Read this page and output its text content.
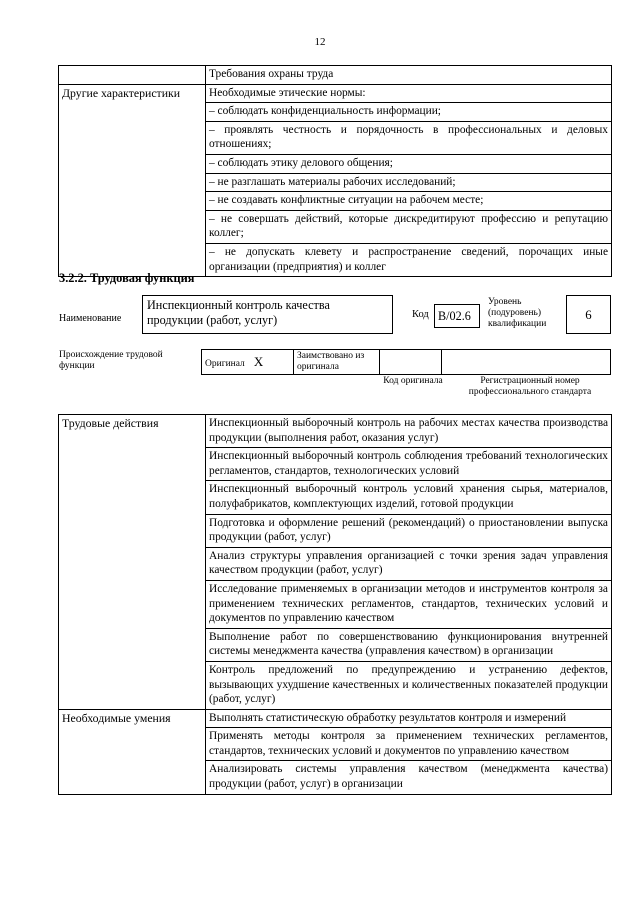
12
	Требования охраны труда
Другие характеристики	Необходимые этические нормы:
	– соблюдать конфиденциальность информации;
	– проявлять честность и порядочность в профессиональных и деловых отношениях;
	– соблюдать этику делового общения;
	– не разглашать материалы рабочих исследований;
	– не создавать конфликтные ситуации на рабочем месте;
	– не совершать действий, которые дискредитируют профессию и репутацию коллег;
	– не допускать клевету и распространение сведений, порочащих иные организации (предприятия) и коллег
3.2.2. Трудовая функция
Наименование
Инспекционный контроль качества продукции (работ, услуг)	Код B/02.6
Уровень (подуровень) квалификации
6
Происхождение трудовой функции	Оригинал X	Заимствовано из оригинала		
Код оригинала	Регистрационный номер профессионального стандарта
Трудовые действия	Инспекционный выборочный контроль на рабочих местах качества производства продукции (выполнения работ, оказания услуг)
	Инспекционный выборочный контроль соблюдения требований технологических регламентов, стандартов, технологических условий
	Инспекционный выборочный контроль условий хранения сырья, материалов, полуфабрикатов, комплектующих изделий, готовой продукции
	Подготовка и оформление решений (рекомендаций) о приостановлении выпуска продукции (работ, услуг)
	Анализ структуры управления организацией с точки зрения задач управления качеством продукции (работ, услуг)
	Исследование применяемых в организации методов и инструментов контроля за применением технических регламентов, стандартов, технических условий и документов по управлению качеством
	Выполнение работ по совершенствованию функционирования внутренней системы менеджмента качества (управления качеством) в организации
	Контроль предложений по предупреждению и устранению дефектов, вызывающих ухудшение качественных и количественных показателей продукции (работ, услуг)
Необходимые умения	Выполнять статистическую обработку результатов контроля и измерений
	Применять методы контроля за применением технических регламентов, стандартов, технических условий и документов по управлению качеством
	Анализировать системы управления качеством (менеджмента качества) продукции (работ, услуг) в организации
